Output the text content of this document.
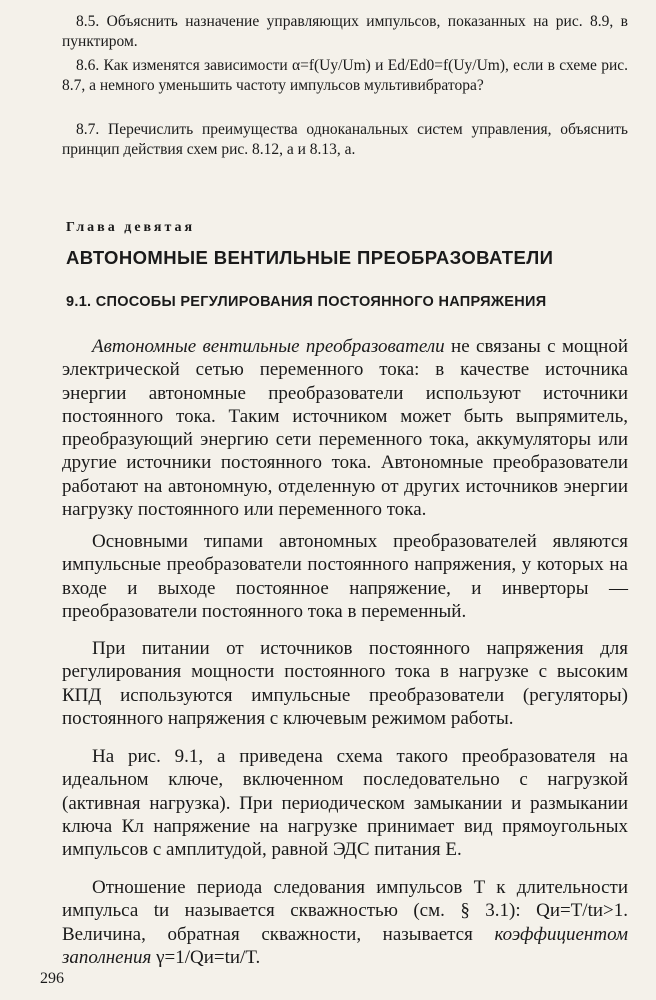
8.5. Объяснить назначение управляющих импульсов, показанных на рис. 8.9, в пунктиром.
8.6. Как изменятся зависимости α=f(Uу/Um) и Ed/Ed0=f(Uу/Um), если в схеме рис. 8.7, а немного уменьшить частоту импульсов мультивибратора?
8.7. Перечислить преимущества одноканальных систем управления, объяснить принцип действия схем рис. 8.12, а и 8.13, а.
Глава девятая
АВТОНОМНЫЕ ВЕНТИЛЬНЫЕ ПРЕОБРАЗОВАТЕЛИ
9.1. СПОСОБЫ РЕГУЛИРОВАНИЯ ПОСТОЯННОГО НАПРЯЖЕНИЯ
Автономные вентильные преобразователи не связаны с мощной электрической сетью переменного тока: в качестве источника энергии автономные преобразователи используют источники постоянного тока. Таким источником может быть выпрямитель, преобразующий энергию сети переменного тока, аккумуляторы или другие источники постоянного тока. Автономные преобразователи работают на автономную, отделенную от других источников энергии нагрузку постоянного или переменного тока.
Основными типами автономных преобразователей являются импульсные преобразователи постоянного напряжения, у которых на входе и выходе постоянное напряжение, и инверторы — преобразователи постоянного тока в переменный.
При питании от источников постоянного напряжения для регулирования мощности постоянного тока в нагрузке с высоким КПД используются импульсные преобразователи (регуляторы) постоянного напряжения с ключевым режимом работы.
На рис. 9.1, а приведена схема такого преобразователя на идеальном ключе, включенном последовательно с нагрузкой (активная нагрузка). При периодическом замыкании и размыкании ключа Кл напряжение на нагрузке принимает вид прямоугольных импульсов с амплитудой, равной ЭДС питания E.
Отношение периода следования импульсов T к длительности импульса tи называется скважностью (см. § 3.1): Qи=T/tи>1. Величина, обратная скважности, называется коэффициентом заполнения γ=1/Qи=tи/T.
296
